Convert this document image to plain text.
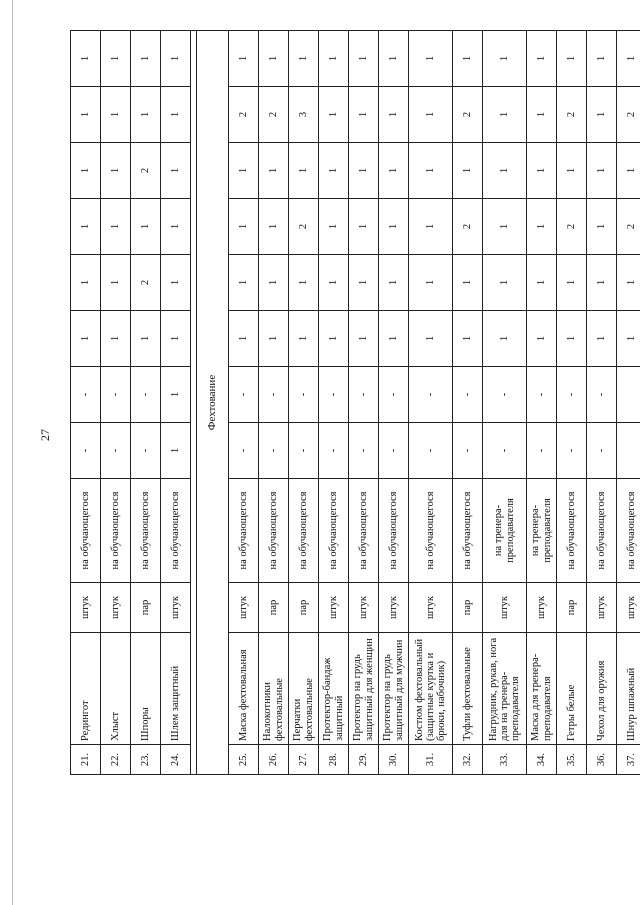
27
21.	Редингот	штук	на обучающегося	-	-	1	1	1	1	1	1
22.	Хлыст	штук	на обучающегося	-	-	1	1	1	1	1	1
23.	Шпоры	пар	на обучающегося	-	-	1	2	1	2	1	1
24.	Шлем защитный	штук	на обучающегося	1	1	1	1	1	1	1	1

Фехтование											
25.	Маска фехтовальная	штук	на обучающегося	-	-	1	1	1	1	2	1
26.	Налокотники фехтовальные	пар	на обучающегося	-	-	1	1	1	1	2	1
27.	Перчатки фехтовальные	пар	на обучающегося	-	-	1	1	2	1	3	1
28.	Протектор-бандаж защитный	штук	на обучающегося	-	-	1	1	1	1	1	1
29.	Протектор на грудь защитный для женщин	штук	на обучающегося	-	-	1	1	1	1	1	1
30.	Протектор на грудь защитный для мужчин	штук	на обучающегося	-	-	1	1	1	1	1	1
31.	Костюм фехтовальный (защитные куртка и брюки, набочник)	штук	на обучающегося	-	-	1	1	1	1	1	1
32.	Туфли фехтовальные	пар	на обучающегося	-	-	1	1	2	1	2	1
33.	Нагрудник, рукав, нога для на тренера-преподавателя	штук	на тренера-преподавателя	-	-	1	1	1	1	1	1
34.	Маска для тренера-преподавателя	штук	на тренера-преподавателя	-	-	1	1	1	1	1	1
35.	Гетры белые	пар	на обучающегося	-	-	1	1	2	1	2	1
36.	Чехол для оружия	штук	на обучающегося	-	-	1	1	1	1	1	1
37.	Шнур шпажный	штук	на обучающегося			1	1	2	1	2	1
